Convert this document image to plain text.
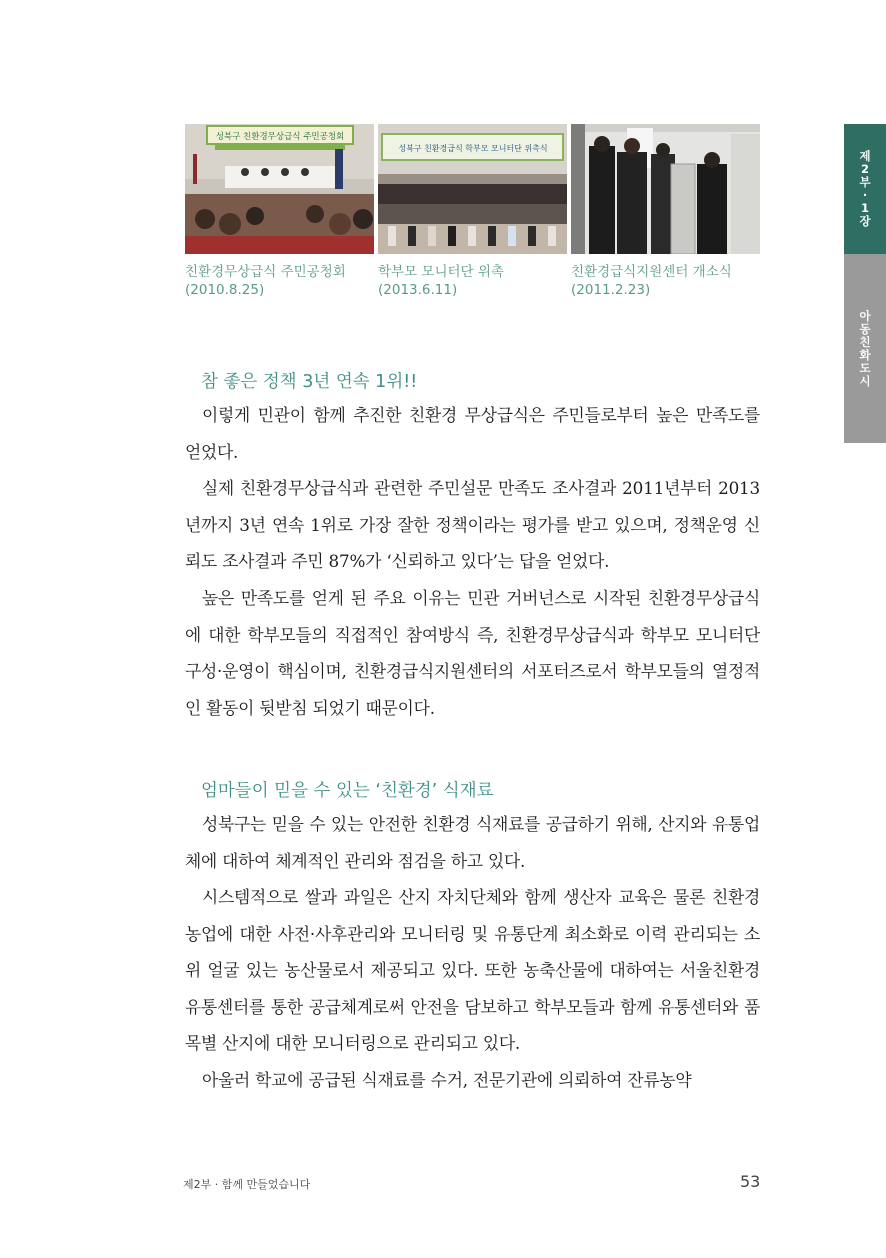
성북구 친환경무상급식 주민공청회
친환경무상급식 주민공청회
(2010.8.25)
성북구 친환경급식 학부모 모니터단 위촉식
학부모 모니터단 위촉
(2013.6.11)
친환경급식지원센터 개소식
(2011.2.23)
제
2
부
·
1
장
아
동
친
화
도
시
참 좋은 정책 3년 연속 1위!!

이렇게 민관이 함께 추진한 친환경 무상급식은 주민들로부터 높은 만족도를 얻었다.

실제 친환경무상급식과 관련한 주민설문 만족도 조사결과 2011년부터 2013년까지 3년 연속 1위로 가장 잘한 정책이라는 평가를 받고 있으며, 정책운영 신뢰도 조사결과 주민 87%가 ‘신뢰하고 있다’는 답을 얻었다.

높은 만족도를 얻게 된 주요 이유는 민관 거버넌스로 시작된 친환경무상급식에 대한 학부모들의 직접적인 참여방식 즉, 친환경무상급식과 학부모 모니터단 구성·운영이 핵심이며, 친환경급식지원센터의 서포터즈로서 학부모들의 열정적인 활동이 뒷받침 되었기 때문이다.

엄마들이 믿을 수 있는 ‘친환경’ 식재료

성북구는 믿을 수 있는 안전한 친환경 식재료를 공급하기 위해, 산지와 유통업체에 대하여 체계적인 관리와 점검을 하고 있다.

시스템적으로 쌀과 과일은 산지 자치단체와 함께 생산자 교육은 물론 친환경농업에 대한 사전·사후관리와 모니터링 및 유통단계 최소화로 이력 관리되는 소위 얼굴 있는 농산물로서 제공되고 있다. 또한 농축산물에 대하여는 서울친환경유통센터를 통한 공급체계로써 안전을 담보하고 학부모들과 함께 유통센터와 품목별 산지에 대한 모니터링으로 관리되고 있다.

아울러 학교에 공급된 식재료를 수거, 전문기관에 의뢰하여 잔류농약

제2부 · 함께 만들었습니다	53
